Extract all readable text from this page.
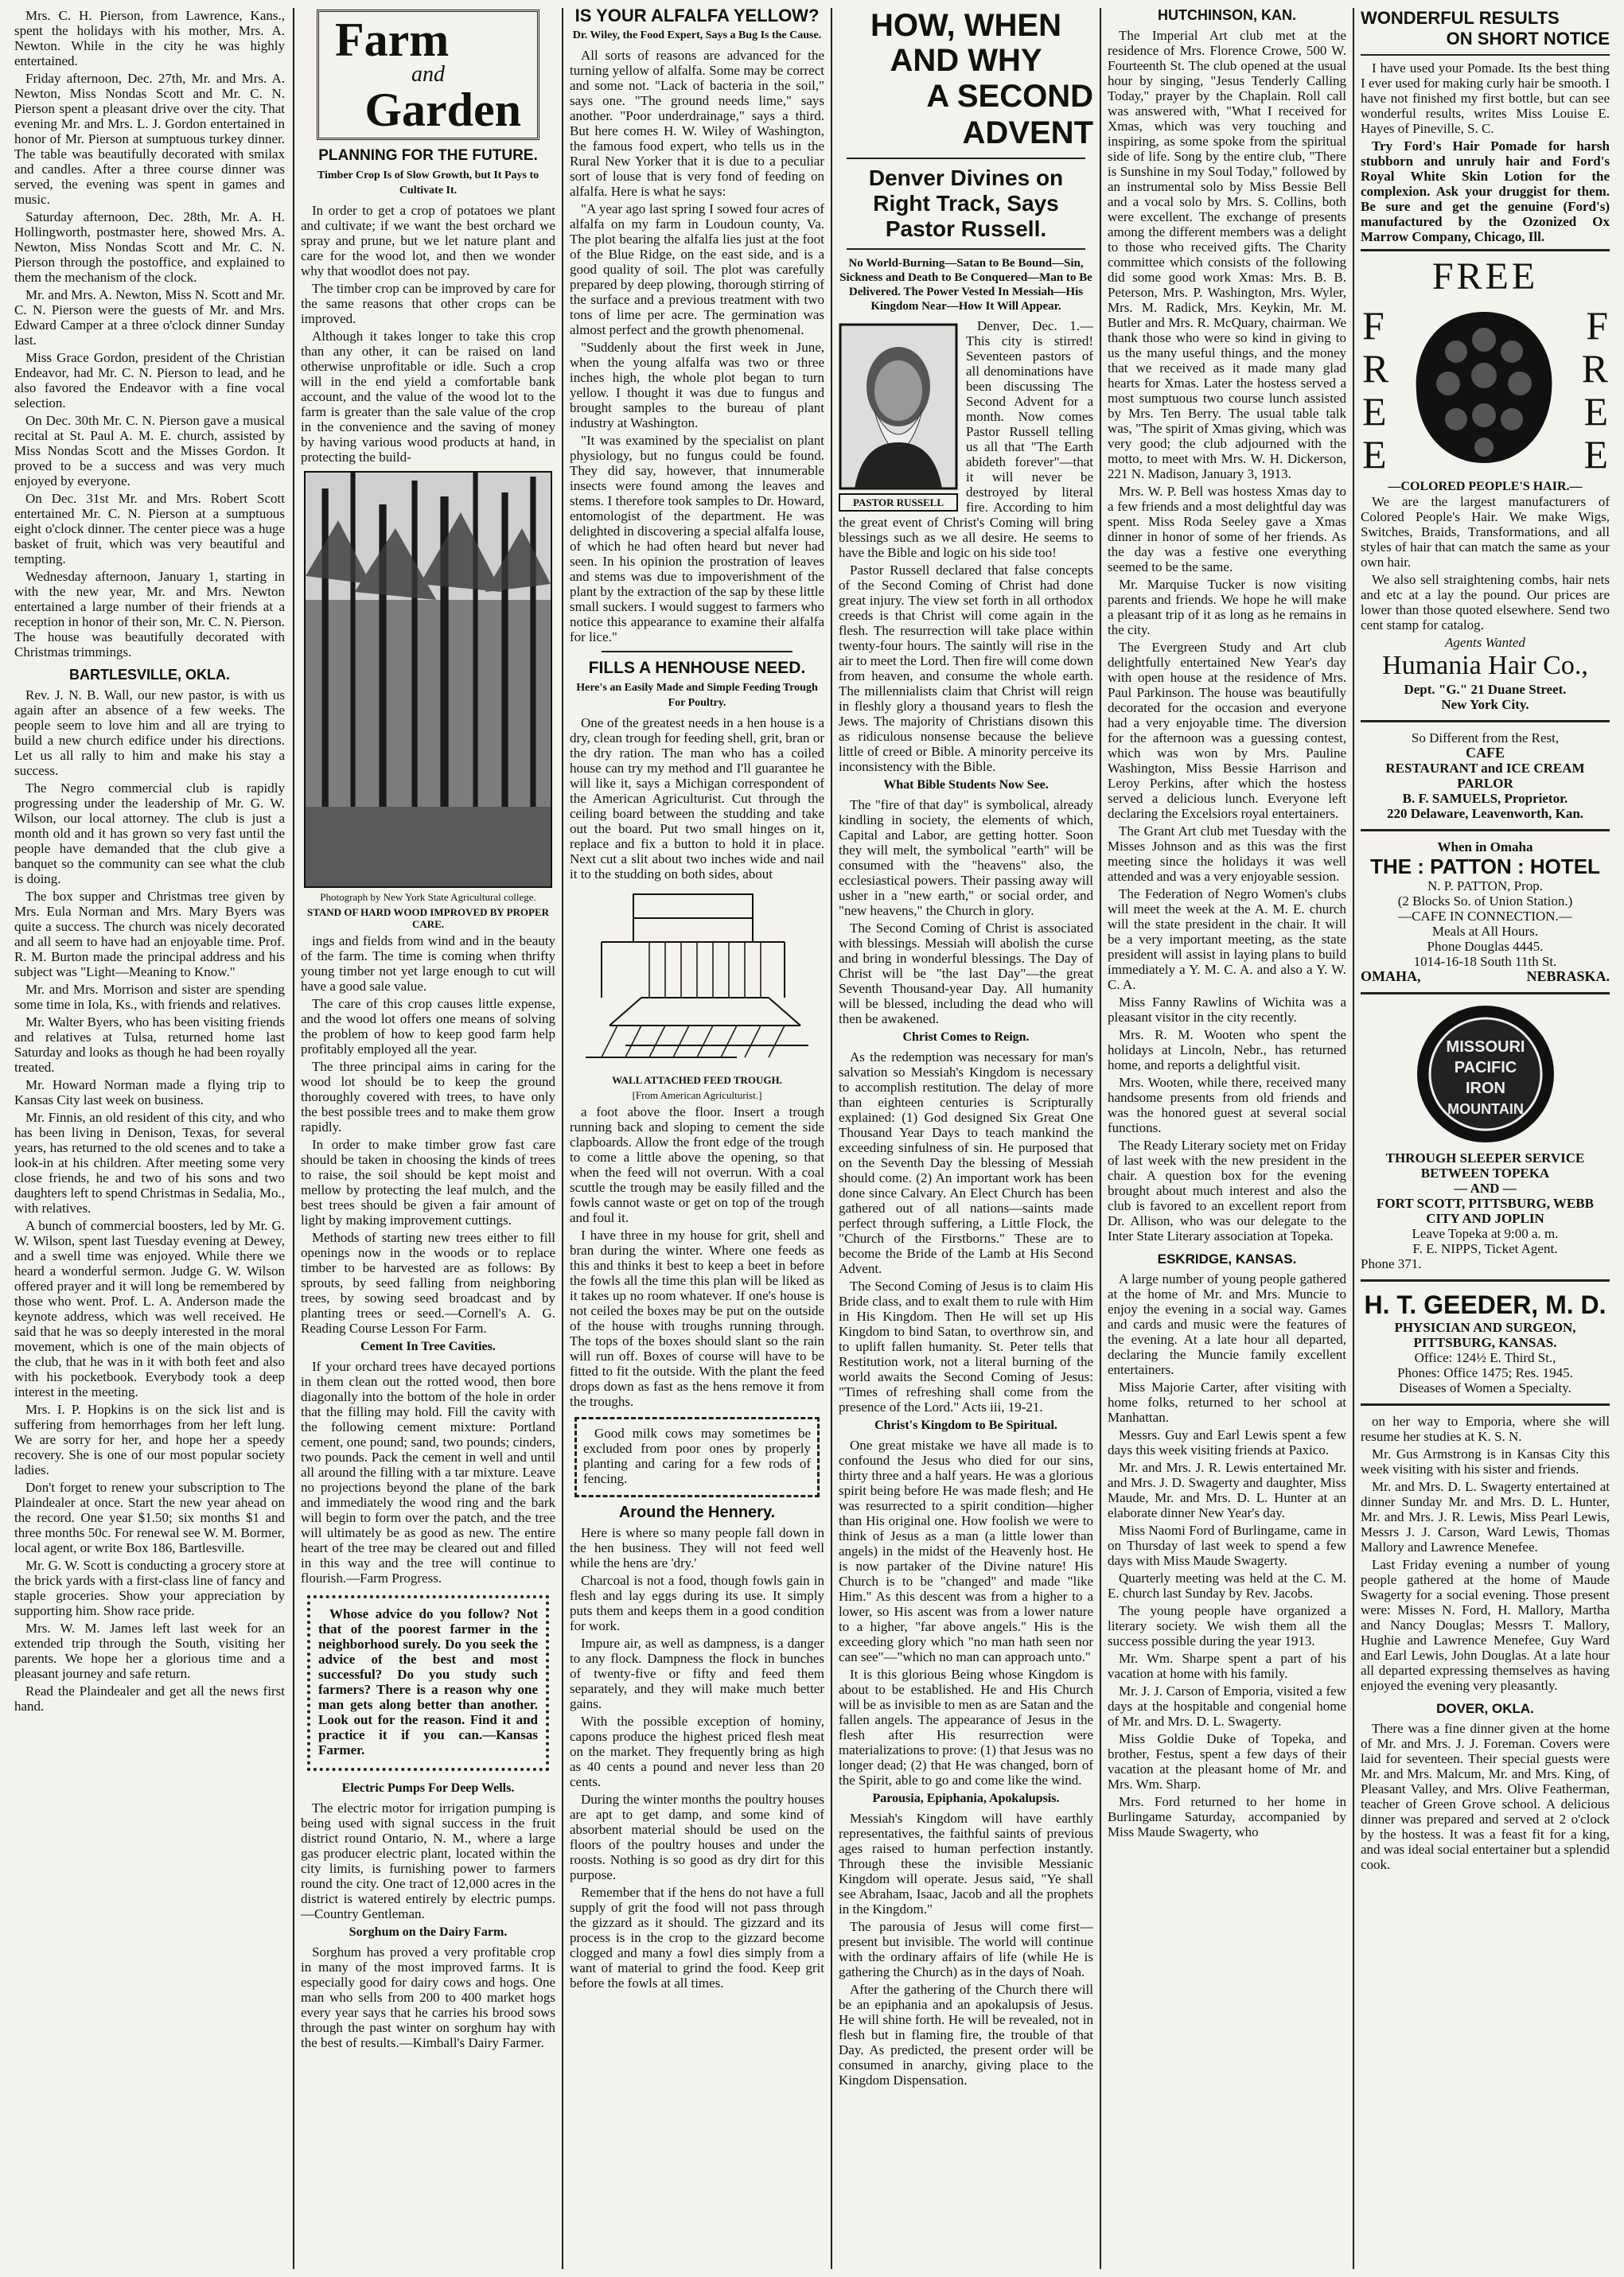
Mrs. C. H. Pierson, from Lawrence, Kans., spent the holidays with his mother, Mrs. A. Newton. While in the city he was highly entertained.

Friday afternoon, Dec. 27th, Mr. and Mrs. A. Newton, Miss Nondas Scott and Mr. C. N. Pierson spent a pleasant drive over the city. That evening Mr. and Mrs. L. J. Gordon entertained in honor of Mr. Pierson at sumptuous turkey dinner. The table was beautifully decorated with smilax and candles. After a three course dinner was served, the evening was spent in games and music.

Saturday afternoon, Dec. 28th, Mr. A. H. Hollingworth, postmaster here, showed Mrs. A. Newton, Miss Nondas Scott and Mr. C. N. Pierson through the postoffice, and explained to them the mechanism of the clock.

Mr. and Mrs. A. Newton, Miss N. Scott and Mr. C. N. Pierson were the guests of Mr. and Mrs. Edward Camper at a three o'clock dinner Sunday last.

Miss Grace Gordon, president of the Christian Endeavor, had Mr. C. N. Pierson to lead, and he also favored the Endeavor with a fine vocal selection.

On Dec. 30th Mr. C. N. Pierson gave a musical recital at St. Paul A. M. E. church, assisted by Miss Nondas Scott and the Misses Gordon. It proved to be a success and was very much enjoyed by everyone.

On Dec. 31st Mr. and Mrs. Robert Scott entertained Mr. C. N. Pierson at a sumptuous eight o'clock dinner. The center piece was a huge basket of fruit, which was very beautiful and tempting.

Wednesday afternoon, January 1, starting in with the new year, Mr. and Mrs. Newton entertained a large number of their friends at a reception in honor of their son, Mr. C. N. Pierson. The house was beautifully decorated with Christmas trimmings.

BARTLESVILLE, OKLA.

Rev. J. N. B. Wall, our new pastor, is with us again after an absence of a few weeks. The people seem to love him and all are trying to build a new church edifice under his directions. Let us all rally to him and make his stay a success.

The Negro commercial club is rapidly progressing under the leadership of Mr. G. W. Wilson, our local attorney. The club is just a month old and it has grown so very fast until the people have demanded that the club give a banquet so the community can see what the club is doing.

The box supper and Christmas tree given by Mrs. Eula Norman and Mrs. Mary Byers was quite a success. The church was nicely decorated and all seem to have had an enjoyable time. Prof. R. M. Burton made the principal address and his subject was "Light—Meaning to Know."

Mr. and Mrs. Morrison and sister are spending some time in Iola, Ks., with friends and relatives.

Mr. Walter Byers, who has been visiting friends and relatives at Tulsa, returned home last Saturday and looks as though he had been royally treated.

Mr. Howard Norman made a flying trip to Kansas City last week on business.

Mr. Finnis, an old resident of this city, and who has been living in Denison, Texas, for several years, has returned to the old scenes and to take a look-in at his children. After meeting some very close friends, he and two of his sons and two daughters left to spend Christmas in Sedalia, Mo., with relatives.

A bunch of commercial boosters, led by Mr. G. W. Wilson, spent last Tuesday evening at Dewey, and a swell time was enjoyed. While there we heard a wonderful sermon. Judge G. W. Wilson offered prayer and it will long be remembered by those who went. Prof. L. A. Anderson made the keynote address, which was well received. He said that he was so deeply interested in the moral movement, which is one of the main objects of the club, that he was in it with both feet and also with his pocketbook. Everybody took a deep interest in the meeting.

Mrs. I. P. Hopkins is on the sick list and is suffering from hemorrhages from her left lung. We are sorry for her, and hope her a speedy recovery. She is one of our most popular society ladies.

Don't forget to renew your subscription to The Plaindealer at once. Start the new year ahead on the record. One year $1.50; six months $1 and three months 50c. For renewal see W. M. Bormer, local agent, or write Box 186, Bartlesville.

Mr. G. W. Scott is conducting a grocery store at the brick yards with a first-class line of fancy and staple groceries. Show your appreciation by supporting him. Show race pride.

Mrs. W. M. James left last week for an extended trip through the South, visiting her parents. We hope her a glorious time and a pleasant journey and safe return.

Read the Plaindealer and get all the news first hand.

Farm
and
Garden
PLANNING FOR THE FUTURE.
Timber Crop Is of Slow Growth, but It Pays to Cultivate It.

In order to get a crop of potatoes we plant and cultivate; if we want the best orchard we spray and prune, but we let nature plant and care for the wood lot, and then we wonder why that woodlot does not pay.

The timber crop can be improved by care for the same reasons that other crops can be improved.

Although it takes longer to take this crop than any other, it can be raised on land otherwise unprofitable or idle. Such a crop will in the end yield a comfortable bank account, and the value of the wood lot to the farm is greater than the sale value of the crop in the convenience and the saving of money by having various wood products at hand, in protecting the build-

Photograph by New York State Agricultural college.
STAND OF HARD WOOD IMPROVED BY PROPER CARE.

ings and fields from wind and in the beauty of the farm. The time is coming when thrifty young timber not yet large enough to cut will have a good sale value.

The care of this crop causes little expense, and the wood lot offers one means of solving the problem of how to keep good farm help profitably employed all the year.

The three principal aims in caring for the wood lot should be to keep the ground thoroughly covered with trees, to have only the best possible trees and to make them grow rapidly.

In order to make timber grow fast care should be taken in choosing the kinds of trees to raise, the soil should be kept moist and mellow by protecting the leaf mulch, and the best trees should be given a fair amount of light by making improvement cuttings.

Methods of starting new trees either to fill openings now in the woods or to replace timber to be harvested are as follows: By sprouts, by seed falling from neighboring trees, by sowing seed broadcast and by planting trees or seed.—Cornell's A. G. Reading Course Lesson For Farm.

Cement In Tree Cavities.

If your orchard trees have decayed portions in them clean out the rotted wood, then bore diagonally into the bottom of the hole in order that the filling may hold. Fill the cavity with the following cement mixture: Portland cement, one pound; sand, two pounds; cinders, two pounds. Pack the cement in well and until all around the filling with a tar mixture. Leave no projections beyond the plane of the bark and immediately the wood ring and the bark will begin to form over the patch, and the tree will ultimately be as good as new. The entire heart of the tree may be cleared out and filled in this way and the tree will continue to flourish.—Farm Progress.

Whose advice do you follow? Not that of the poorest farmer in the neighborhood surely. Do you seek the advice of the best and most successful? Do you study such farmers? There is a reason why one man gets along better than another. Look out for the reason. Find it and practice it if you can.—Kansas Farmer.

Electric Pumps For Deep Wells.

The electric motor for irrigation pumping is being used with signal success in the fruit district round Ontario, N. M., where a large gas producer electric plant, located within the city limits, is furnishing power to farmers round the city. One tract of 12,000 acres in the district is watered entirely by electric pumps.—Country Gentleman.

Sorghum on the Dairy Farm.

Sorghum has proved a very profitable crop in many of the most improved farms. It is especially good for dairy cows and hogs. One man who sells from 200 to 400 market hogs every year says that he carries his brood sows through the past winter on sorghum hay with the best of results.—Kimball's Dairy Farmer.

IS YOUR ALFALFA YELLOW?
Dr. Wiley, the Food Expert, Says a Bug Is the Cause.

All sorts of reasons are advanced for the turning yellow of alfalfa. Some may be correct and some not. "Lack of bacteria in the soil," says one. "The ground needs lime," says another. "Poor underdrainage," says a third. But here comes H. W. Wiley of Washington, the famous food expert, who tells us in the Rural New Yorker that it is due to a peculiar sort of louse that is very fond of feeding on alfalfa. Here is what he says:

"A year ago last spring I sowed four acres of alfalfa on my farm in Loudoun county, Va. The plot bearing the alfalfa lies just at the foot of the Blue Ridge, on the east side, and is a good quality of soil. The plot was carefully prepared by deep plowing, thorough stirring of the surface and a previous treatment with two tons of lime per acre. The germination was almost perfect and the growth phenomenal.

"Suddenly about the first week in June, when the young alfalfa was two or three inches high, the whole plot began to turn yellow. I thought it was due to fungus and brought samples to the bureau of plant industry at Washington.

"It was examined by the specialist on plant physiology, but no fungus could be found. They did say, however, that innumerable insects were found among the leaves and stems. I therefore took samples to Dr. Howard, entomologist of the department. He was delighted in discovering a special alfalfa louse, of which he had often heard but never had seen. In his opinion the prostration of leaves and stems was due to impoverishment of the plant by the extraction of the sap by these little small suckers. I would suggest to farmers who notice this appearance to examine their alfalfa for lice."

FILLS A HENHOUSE NEED.
Here's an Easily Made and Simple Feeding Trough For Poultry.

One of the greatest needs in a hen house is a dry, clean trough for feeding shell, grit, bran or the dry ration. The man who has a coiled house can try my method and I'll guarantee he will like it, says a Michigan correspondent of the American Agriculturist. Cut through the ceiling board between the studding and take out the board. Put two small hinges on it, replace and fix a button to hold it in place. Next cut a slit about two inches wide and nail it to the studding on both sides, about

WALL ATTACHED FEED TROUGH.
[From American Agriculturist.]

a foot above the floor. Insert a trough running back and sloping to cement the side clapboards. Allow the front edge of the trough to come a little above the opening, so that when the feed will not overrun. With a coal scuttle the trough may be easily filled and the fowls cannot waste or get on top of the trough and foul it.

I have three in my house for grit, shell and bran during the winter. Where one feeds as this and thinks it best to keep a beet in before the fowls all the time this plan will be liked as it takes up no room whatever. If one's house is not ceiled the boxes may be put on the outside of the house with troughs running through. The tops of the boxes should slant so the rain will run off. Boxes of course will have to be fitted to fit the outside. With the plant the feed drops down as fast as the hens remove it from the troughs.

Good milk cows may sometimes be excluded from poor ones by properly planting and caring for a few rods of fencing.

Around the Hennery.

Here is where so many people fall down in the hen business. They will not feed well while the hens are 'dry.'

Charcoal is not a food, though fowls gain in flesh and lay eggs during its use. It simply puts them and keeps them in a good condition for work.

Impure air, as well as dampness, is a danger to any flock. Dampness the flock in bunches of twenty-five or fifty and feed them separately, and they will make much better gains.

With the possible exception of hominy, capons produce the highest priced flesh meat on the market. They frequently bring as high as 40 cents a pound and never less than 20 cents.

During the winter months the poultry houses are apt to get damp, and some kind of absorbent material should be used on the floors of the poultry houses and under the roosts. Nothing is so good as dry dirt for this purpose.

Remember that if the hens do not have a full supply of grit the food will not pass through the gizzard as it should. The gizzard and its process is in the crop to the gizzard become clogged and many a fowl dies simply from a want of material to grind the food. Keep grit before the fowls at all times.

HOW, WHEN AND WHY
A SECOND ADVENT
Denver Divines on Right Track, Says Pastor Russell.
No World-Burning—Satan to Be Bound—Sin, Sickness and Death to Be Conquered—Man to Be Delivered. The Power Vested In Messiah—His Kingdom Near—How It Will Appear.
PASTOR RUSSELL

Denver, Dec. 1.—This city is stirred! Seventeen pastors of all denominations have been discussing The Second Advent for a month. Now comes Pastor Russell telling us all that "The Earth abideth forever"—that it will never be destroyed by literal fire. According to him the great event of Christ's Coming will bring blessings such as we all desire. He seems to have the Bible and logic on his side too!

Pastor Russell declared that false concepts of the Second Coming of Christ had done great injury. The view set forth in all orthodox creeds is that Christ will come again in the flesh. The resurrection will take place within twenty-four hours. The saintly will rise in the air to meet the Lord. Then fire will come down from heaven, and consume the whole earth. The millennialists claim that Christ will reign in fleshly glory a thousand years to flesh the Jews. The majority of Christians disown this as ridiculous nonsense because the believe little of creed or Bible. A minority perceive its inconsistency with the Bible.

What Bible Students Now See.

The "fire of that day" is symbolical, already kindling in society, the elements of which, Capital and Labor, are getting hotter. Soon they will melt, the symbolical "earth" will be consumed with the "heavens" also, the ecclesiastical powers. Their passing away will usher in a "new earth," or social order, and "new heavens," the Church in glory.

The Second Coming of Christ is associated with blessings. Messiah will abolish the curse and bring in wonderful blessings. The Day of Christ will be "the last Day"—the great Seventh Thousand-year Day. All humanity will be blessed, including the dead who will then be awakened.

Christ Comes to Reign.

As the redemption was necessary for man's salvation so Messiah's Kingdom is necessary to accomplish restitution. The delay of more than eighteen centuries is Scripturally explained: (1) God designed Six Great One Thousand Year Days to teach mankind the exceeding sinfulness of sin. He purposed that on the Seventh Day the blessing of Messiah should come. (2) An important work has been done since Calvary. An Elect Church has been gathered out of all nations—saints made perfect through suffering, a Little Flock, the "Church of the Firstborns." These are to become the Bride of the Lamb at His Second Advent.

The Second Coming of Jesus is to claim His Bride class, and to exalt them to rule with Him in His Kingdom. Then He will set up His Kingdom to bind Satan, to overthrow sin, and to uplift fallen humanity. St. Peter tells that Restitution work, not a literal burning of the world awaits the Second Coming of Jesus: "Times of refreshing shall come from the presence of the Lord." Acts iii, 19-21.

Christ's Kingdom to Be Spiritual.

One great mistake we have all made is to confound the Jesus who died for our sins, thirty three and a half years. He was a glorious spirit being before He was made flesh; and He was resurrected to a spirit condition—higher than His original one. How foolish we were to think of Jesus as a man (a little lower than angels) in the midst of the Heavenly host. He is now partaker of the Divine nature! His Church is to be "changed" and made "like Him." As this descent was from a higher to a lower, so His ascent was from a lower nature to a higher, "far above angels." His is the exceeding glory which "no man hath seen nor can see"—"which no man can approach unto."

It is this glorious Being whose Kingdom is about to be established. He and His Church will be as invisible to men as are Satan and the fallen angels. The appearance of Jesus in the flesh after His resurrection were materializations to prove: (1) that Jesus was no longer dead; (2) that He was changed, born of the Spirit, able to go and come like the wind.

Parousia, Epiphania, Apokalupsis.

Messiah's Kingdom will have earthly representatives, the faithful saints of previous ages raised to human perfection instantly. Through these the invisible Messianic Kingdom will operate. Jesus said, "Ye shall see Abraham, Isaac, Jacob and all the prophets in the Kingdom."

The parousia of Jesus will come first—present but invisible. The world will continue with the ordinary affairs of life (while He is gathering the Church) as in the days of Noah.

After the gathering of the Church there will be an epiphania and an apokalupsis of Jesus. He will shine forth. He will be revealed, not in flesh but in flaming fire, the trouble of that Day. As predicted, the present order will be consumed in anarchy, giving place to the Kingdom Dispensation.

HUTCHINSON, KAN.

The Imperial Art club met at the residence of Mrs. Florence Crowe, 500 W. Fourteenth St. The club opened at the usual hour by singing, "Jesus Tenderly Calling Today," prayer by the Chaplain. Roll call was answered with, "What I received for Xmas, which was very touching and inspiring, as some spoke from the spiritual side of life. Song by the entire club, "There is Sunshine in my Soul Today," followed by an instrumental solo by Miss Bessie Bell and a vocal solo by Mrs. S. Collins, both were excellent. The exchange of presents among the different members was a delight to those who received gifts. The Charity committee which consists of the following did some good work Xmas: Mrs. B. B. Peterson, Mrs. P. Washington, Mrs. Wyler, Mrs. M. Radick, Mrs. Keykin, Mr. M. Butler and Mrs. R. McQuary, chairman. We thank those who were so kind in giving to us the many useful things, and the money that we received as it made many glad hearts for Xmas. Later the hostess served a most sumptuous two course lunch assisted by Mrs. Ten Berry. The usual table talk was, "The spirit of Xmas giving, which was very good; the club adjourned with the motto, to meet with Mrs. W. H. Dickerson, 221 N. Madison, January 3, 1913.

Mrs. W. P. Bell was hostess Xmas day to a few friends and a most delightful day was spent. Miss Roda Seeley gave a Xmas dinner in honor of some of her friends. As the day was a festive one everything seemed to be the same.

Mr. Marquise Tucker is now visiting parents and friends. We hope he will make a pleasant trip of it as long as he remains in the city.

The Evergreen Study and Art club delightfully entertained New Year's day with open house at the residence of Mrs. Paul Parkinson. The house was beautifully decorated for the occasion and everyone had a very enjoyable time. The diversion for the afternoon was a guessing contest, which was won by Mrs. Pauline Washington, Miss Bessie Harrison and Leroy Perkins, after which the hostess served a delicious lunch. Everyone left declaring the Excelsiors royal entertainers.

The Grant Art club met Tuesday with the Misses Johnson and as this was the first meeting since the holidays it was well attended and was a very enjoyable session.

The Federation of Negro Women's clubs will meet the week at the A. M. E. church will the state president in the chair. It will be a very important meeting, as the state president will assist in laying plans to build immediately a Y. M. C. A. and also a Y. W. C. A.

Miss Fanny Rawlins of Wichita was a pleasant visitor in the city recently.

Mrs. R. M. Wooten who spent the holidays at Lincoln, Nebr., has returned home, and reports a delightful visit.

Mrs. Wooten, while there, received many handsome presents from old friends and was the honored guest at several social functions.

The Ready Literary society met on Friday of last week with the new president in the chair. A question box for the evening brought about much interest and also the club is favored to an excellent report from Dr. Allison, who was our delegate to the Inter State Literary association at Topeka.

ESKRIDGE, KANSAS.

A large number of young people gathered at the home of Mr. and Mrs. Muncie to enjoy the evening in a social way. Games and cards and music were the features of the evening. At a late hour all departed, declaring the Muncie family excellent entertainers.

Miss Majorie Carter, after visiting with home folks, returned to her school at Manhattan.

Messrs. Guy and Earl Lewis spent a few days this week visiting friends at Paxico.

Mr. and Mrs. J. R. Lewis entertained Mr. and Mrs. J. D. Swagerty and daughter, Miss Maude, Mr. and Mrs. D. L. Hunter at an elaborate dinner New Year's day.

Miss Naomi Ford of Burlingame, came in on Thursday of last week to spend a few days with Miss Maude Swagerty.

Quarterly meeting was held at the C. M. E. church last Sunday by Rev. Jacobs.

The young people have organized a literary society. We wish them all the success possible during the year 1913.

Mr. Wm. Sharpe spent a part of his vacation at home with his family.

Mr. J. J. Carson of Emporia, visited a few days at the hospitable and congenial home of Mr. and Mrs. D. L. Swagerty.

Miss Goldie Duke of Topeka, and brother, Festus, spent a few days of their vacation at the pleasant home of Mr. and Mrs. Wm. Sharp.

Mrs. Ford returned to her home in Burlingame Saturday, accompanied by Miss Maude Swagerty, who

WONDERFUL RESULTS
ON SHORT NOTICE

I have used your Pomade. Its the best thing I ever used for making curly hair be smooth. I have not finished my first bottle, but can see wonderful results, writes Miss Louise E. Hayes of Pineville, S. C.

Try Ford's Hair Pomade for harsh stubborn and unruly hair and Ford's Royal White Skin Lotion for the complexion. Ask your druggist for them. Be sure and get the genuine (Ford's) manufactured by the Ozonized Ox Marrow Company, Chicago, Ill.

FREE
F
R
E
E
F
R
E
E
—COLORED PEOPLE'S HAIR.—

We are the largest manufacturers of Colored People's Hair. We make Wigs, Switches, Braids, Transformations, and all styles of hair that can match the same as your own hair.

We also sell straightening combs, hair nets and etc at a lay the pound. Our prices are lower than those quoted elsewhere. Send two cent stamp for catalog.

Agents Wanted
Humania Hair Co.,
Dept. "G." 21 Duane Street.
New York City.
So Different from the Rest,
CAFE
RESTAURANT and ICE CREAM PARLOR
B. F. SAMUELS, Proprietor.
220 Delaware, Leavenworth, Kan.
When in Omaha
THE : PATTON : HOTEL
N. P. PATTON, Prop.
(2 Blocks So. of Union Station.)
—CAFE IN CONNECTION.—
Meals at All Hours.
Phone Douglas 4445.
1014-16-18 South 11th St.
OMAHA,	NEBRASKA.
MISSOURI
PACIFIC
IRON
MOUNTAIN
THROUGH SLEEPER SERVICE
BETWEEN TOPEKA
— AND —
FORT SCOTT, PITTSBURG, WEBB CITY AND JOPLIN
Leave Topeka at 9:00 a. m.
F. E. NIPPS, Ticket Agent.
Phone 371.
H. T. GEEDER, M. D.
PHYSICIAN AND SURGEON,
PITTSBURG, KANSAS.
Office: 124½ E. Third St.,
Phones: Office 1475; Res. 1945.
Diseases of Women a Specialty.

on her way to Emporia, where she will resume her studies at K. S. N.

Mr. Gus Armstrong is in Kansas City this week visiting with his sister and friends.

Mr. and Mrs. D. L. Swagerty entertained at dinner Sunday Mr. and Mrs. D. L. Hunter, Mr. and Mrs. J. R. Lewis, Miss Pearl Lewis, Messrs J. J. Carson, Ward Lewis, Thomas Mallory and Lawrence Menefee.

Last Friday evening a number of young people gathered at the home of Maude Swagerty for a social evening. Those present were: Misses N. Ford, H. Mallory, Martha and Nancy Douglas; Messrs T. Mallory, Hughie and Lawrence Menefee, Guy Ward and Earl Lewis, John Douglas. At a late hour all departed expressing themselves as having enjoyed the evening very pleasantly.

DOVER, OKLA.

There was a fine dinner given at the home of Mr. and Mrs. J. J. Foreman. Covers were laid for seventeen. Their special guests were Mr. and Mrs. Malcum, Mr. and Mrs. King, of Pleasant Valley, and Mrs. Olive Featherman, teacher of Green Grove school. A delicious dinner was prepared and served at 2 o'clock by the hostess. It was a feast fit for a king, and was ideal social entertainer but a splendid cook.
